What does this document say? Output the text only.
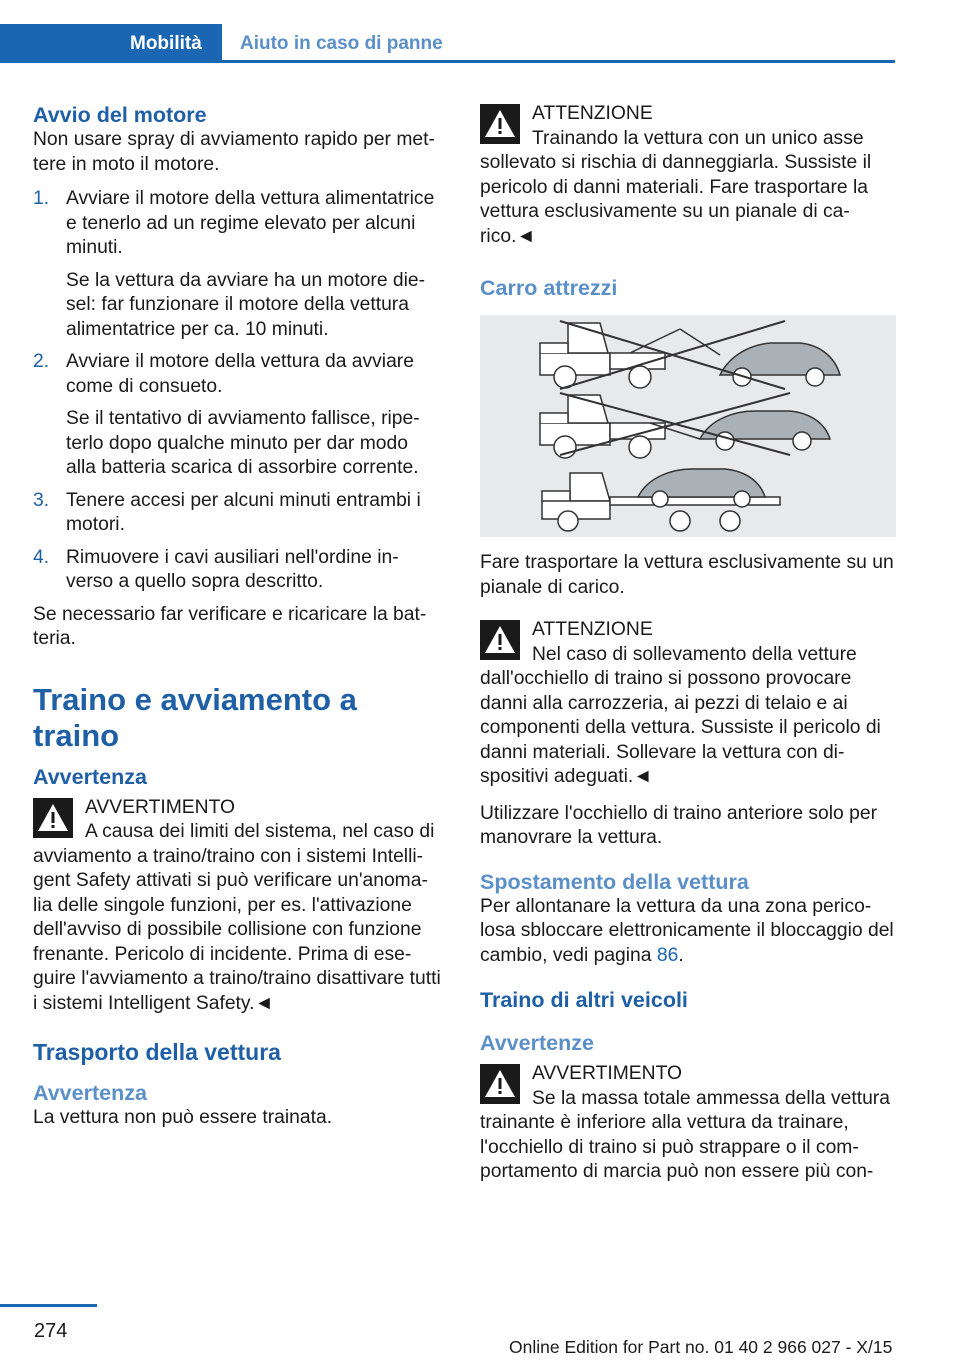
Mobilità Aiuto in caso di panne
Avvio del motore

Non usare spray di avviamento rapido per met‐tere in moto il motore.

1. Avviare il motore della vettura alimentatrice e tenerlo ad un regime elevato per alcuni minuti.
Se la vettura da avviare ha un motore die‐sel: far funzionare il motore della vettura alimentatrice per ca. 10 minuti.
2. Avviare il motore della vettura da avviare come di consueto.
Se il tentativo di avviamento fallisce, ripe‐terlo dopo qualche minuto per dar modo alla batteria scarica di assorbire corrente.
3. Tenere accesi per alcuni minuti entrambi i motori.
4. Rimuovere i cavi ausiliari nell'ordine in‐verso a quello sopra descritto.

Se necessario far verificare e ricaricare la bat‐teria.

Traino e avviamento a traino
Avvertenza
AVVERTIMENTO
A causa dei limiti del sistema, nel caso di avviamento a traino/traino con i sistemi Intelli‐gent Safety attivati si può verificare un'anoma‐lia delle singole funzioni, per es. l'attivazione dell'avviso di possibile collisione con funzione frenante. Pericolo di incidente. Prima di ese‐guire l'avviamento a traino/traino disattivare tutti i sistemi Intelligent Safety.◄
Trasporto della vettura
Avvertenza

La vettura non può essere trainata.

ATTENZIONE
Trainando la vettura con un unico asse sollevato si rischia di danneggiarla. Sussiste il pericolo di danni materiali. Fare trasportare la vettura esclusivamente su un pianale di ca‐rico.◄
Carro attrezzi

Fare trasportare la vettura esclusivamente su un pianale di carico.

ATTENZIONE
Nel caso di sollevamento della vetture dall'occhiello di traino si possono provocare danni alla carrozzeria, ai pezzi di telaio e ai componenti della vettura. Sussiste il pericolo di danni materiali. Sollevare la vettura con di‐spositivi adeguati.◄

Utilizzare l'occhiello di traino anteriore solo per manovrare la vettura.

Spostamento della vettura

Per allontanare la vettura da una zona perico‐losa sbloccare elettronicamente il bloccaggio del cambio, vedi pagina 86.

Traino di altri veicoli
Avvertenze
AVVERTIMENTO
Se la massa totale ammessa della vettura trainante è inferiore alla vettura da trainare, l'occhiello di traino si può strappare o il com‐portamento di marcia può non essere più con‐
274
Online Edition for Part no. 01 40 2 966 027 - X/15
